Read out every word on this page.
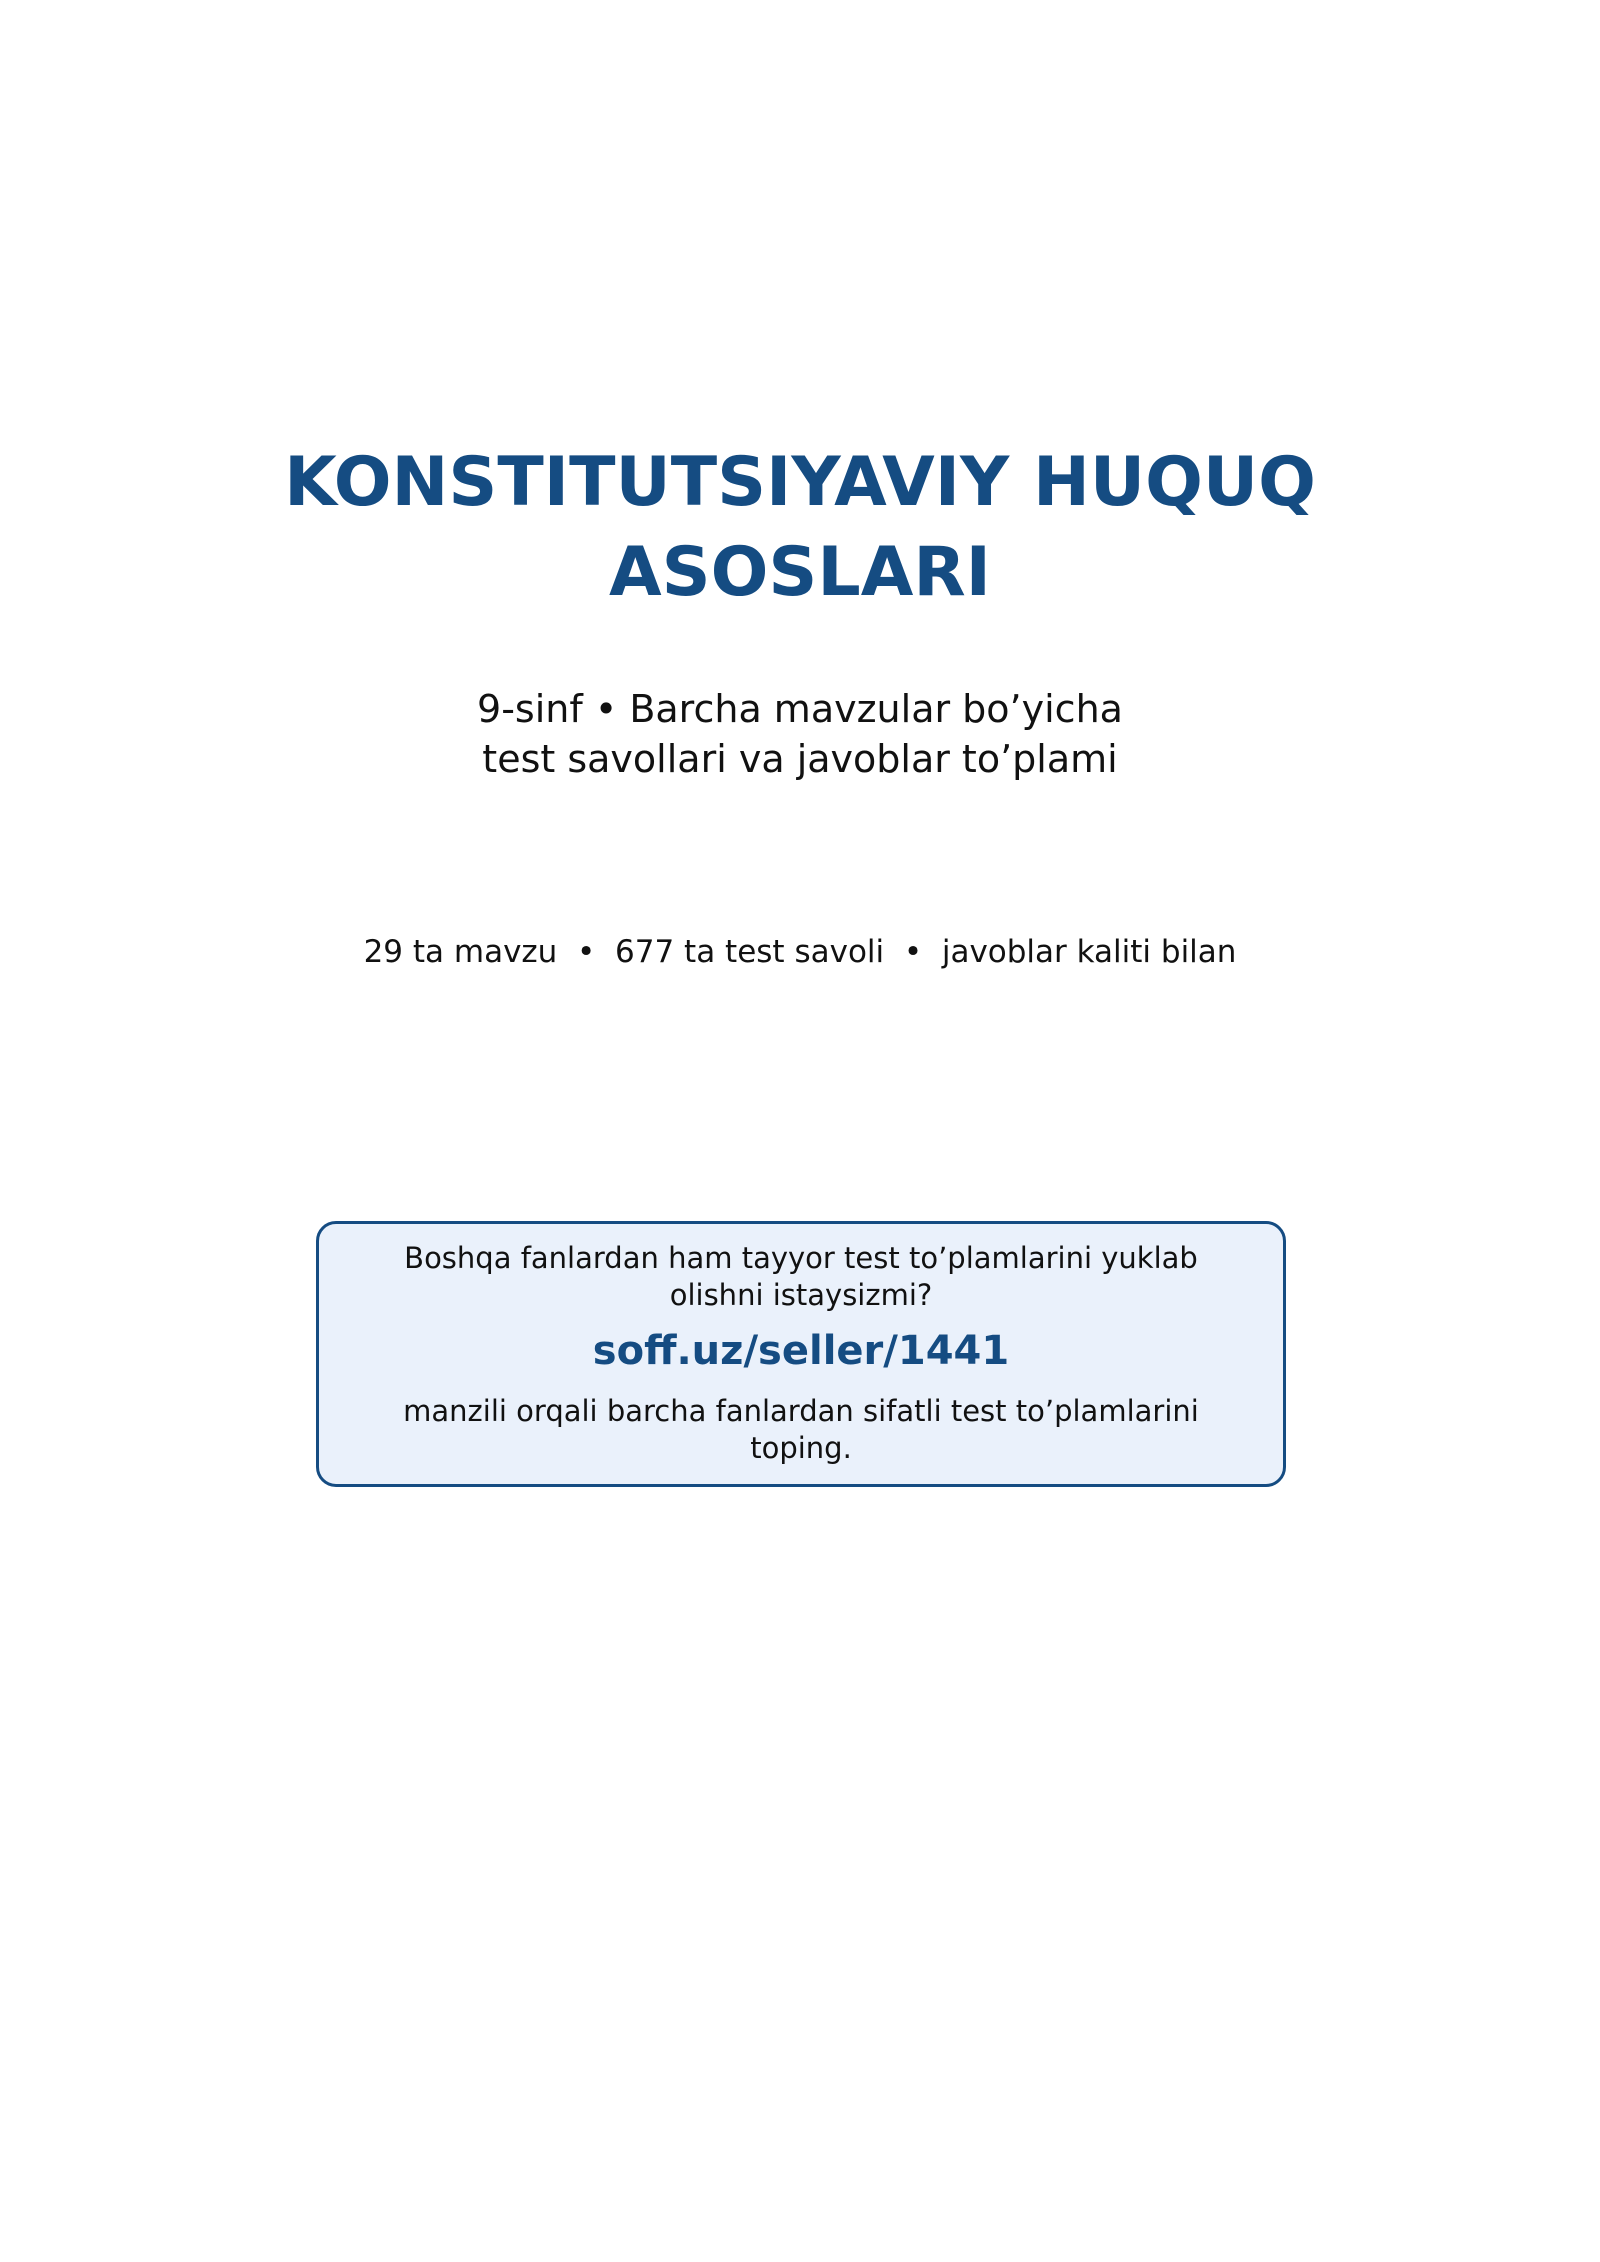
KONSTITUTSIYAVIY HUQUQ
ASOSLARI
9-sinf • Barcha mavzular bo’yicha
test savollari va javoblar to’plami
29 ta mavzu  •  677 ta test savoli  •  javoblar kaliti bilan
Boshqa fanlardan ham tayyor test to’plamlarini yuklab
olishni istaysizmi?
soff.uz/seller/1441
manzili orqali barcha fanlardan sifatli test to’plamlarini
toping.
